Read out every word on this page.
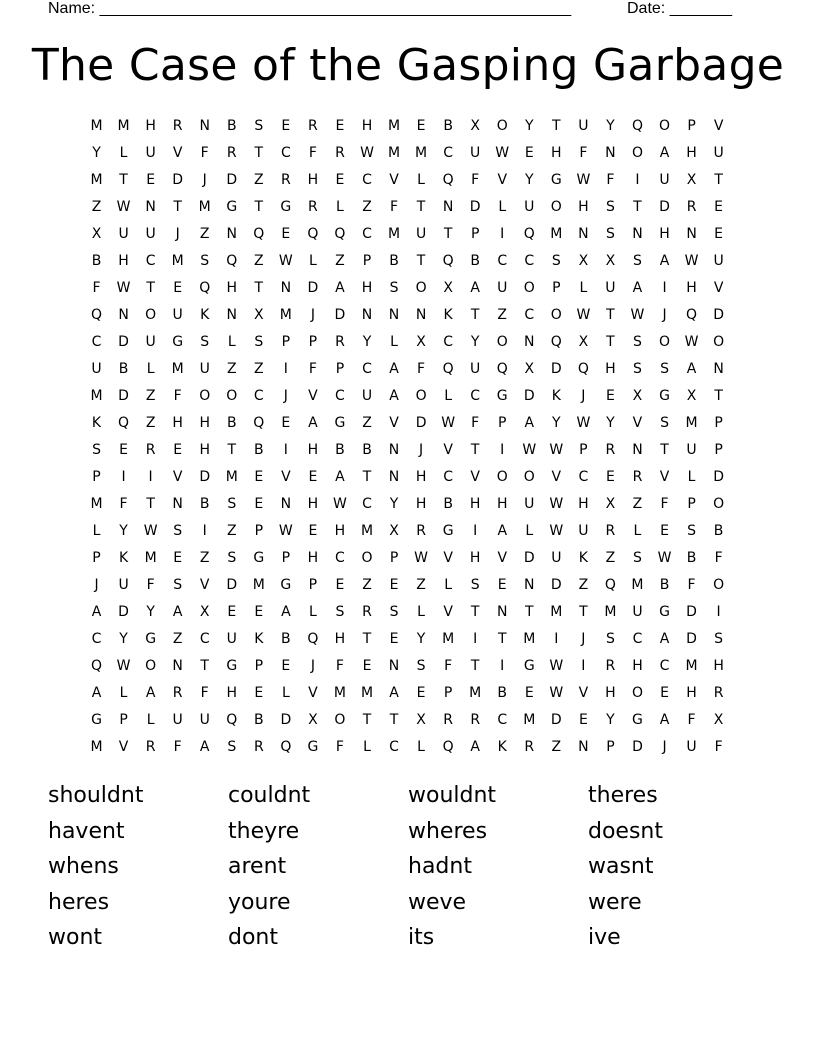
Name: _____________________________________________________

	Date: _______

The Case of the Gasping Garbage
M	M	H	R	N	B	S	E	R	E	H	M	E	B	X	O	Y	T	U	Y	Q	O	P	V
Y	L	U	V	F	R	T	C	F	R	W	M	M	C	U	W	E	H	F	N	O	A	H	U
M	T	E	D	J	D	Z	R	H	E	C	V	L	Q	F	V	Y	G	W	F	I	U	X	T
Z	W	N	T	M	G	T	G	R	L	Z	F	T	N	D	L	U	O	H	S	T	D	R	E
X	U	U	J	Z	N	Q	E	Q	Q	C	M	U	T	P	I	Q	M	N	S	N	H	N	E
B	H	C	M	S	Q	Z	W	L	Z	P	B	T	Q	B	C	C	S	X	X	S	A	W	U
F	W	T	E	Q	H	T	N	D	A	H	S	O	X	A	U	O	P	L	U	A	I	H	V
Q	N	O	U	K	N	X	M	J	D	N	N	N	K	T	Z	C	O	W	T	W	J	Q	D
C	D	U	G	S	L	S	P	P	R	Y	L	X	C	Y	O	N	Q	X	T	S	O	W	O
U	B	L	M	U	Z	Z	I	F	P	C	A	F	Q	U	Q	X	D	Q	H	S	S	A	N
M	D	Z	F	O	O	C	J	V	C	U	A	O	L	C	G	D	K	J	E	X	G	X	T
K	Q	Z	H	H	B	Q	E	A	G	Z	V	D	W	F	P	A	Y	W	Y	V	S	M	P
S	E	R	E	H	T	B	I	H	B	B	N	J	V	T	I	W W	P	R	N	T	U	P
P	I	I	V	D	M	E	V	E	A	T	N	H	C	V	O	O	V	C	E	R	V	L	D
M	F	T	N	B	S	E	N	H	W	C	Y	H	B	H	H	U	W	H	X	Z	F	P	O
L	Y	W	S	I	Z	P	W	E	H	M	X	R	G	I	A	L	W	U	R	L	E	S	B
P	K	M	E	Z	S	G	P	H	C	O	P	W	V	H	V	D	U	K	Z	S	W	B	F
J	U	F	S	V	D	M	G	P	E	Z	E	Z	L	S	E	N	D	Z	Q	M	B	F	O
A	D	Y	A	X	E	E	A	L	S	R	S	L	V	T	N	T	M	T	M	U	G	D	I
C	Y	G	Z	C	U	K	B	Q	H	T	E	Y	M	I	T	M	I	J	S	C	A	D	S
Q	W	O	N	T	G	P	E	J	F	E	N	S	F	T	I	G	W	I	R	H	C	M	H
A	L	A	R	F	H	E	L	V	M	M	A	E	P	M	B	E	W	V	H	O	E	H	R
G	P	L	U	U	Q	B	D	X	O	T	T	X	R	R	C	M	D	E	Y	G	A	F	X
M	V	R	F	A	S	R	Q	G	F	L	C	L	Q	A	K	R	Z	N	P	D	J	U	F
shouldnt	couldnt	wouldnt	theres
havent	theyre	wheres	doesnt
whens	arent	hadnt	wasnt
heres	youre	weve	were
wont	dont	its	ive
